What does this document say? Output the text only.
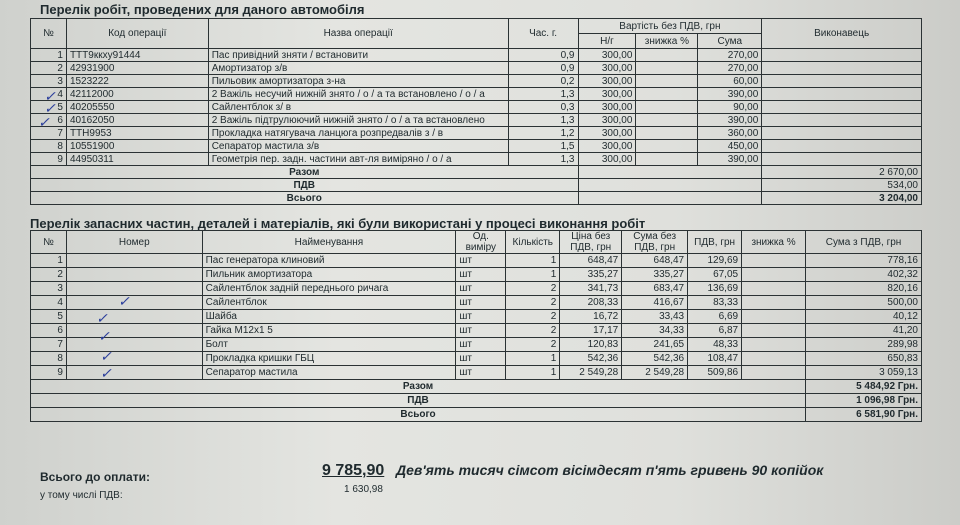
Перелік робіт, проведених для даного автомобіля
№	Код операції	Назва операції	Час. г.	Вартість без ПДВ, грн			Виконавець
				Н/г	знижка %	Сума	
1	ТТТ9ккху91444	Пас привідний зняти / встановити	0,9	300,00		270,00	
2	42931900	Амортизатор з/в	0,9	300,00		270,00	
3	1523222	Пильовик амортизатора з-на	0,2	300,00		60,00	
4	42112000	2 Важіль несучий нижній знято / о / а та встановлено / о / а	1,3	300,00		390,00	
5	40205550	Сайлентблок з/ в	0,3	300,00		90,00	
6	40162050	2 Важіль підтрулюючий нижній знято / о / а та встановлено	1,3	300,00		390,00	
7	ТТН9953	Прокладка натягувача ланцюга розпредвалів з / в	1,2	300,00		360,00	
8	10551900	Сепаратор мастила з/в	1,5	300,00		450,00	
9	44950311	Геометрія пер. задн. частини авт-ля виміряно / о / а	1,3	300,00		390,00	
Разом							2 670,00
ПДВ							534,00
Всього							3 204,00
Перелік запасних частин, деталей і матеріалів, які були використані у процесі виконання робіт
№	Номер	Найменування	Од. виміру	Кількість	Ціна без ПДВ, грн	Сума без ПДВ, грн	ПДВ, грн	знижка %	Сума з ПДВ, грн
1		Пас генератора клиновий	шт	1	648,47	648,47	129,69		778,16
2		Пильник амортизатора	шт	1	335,27	335,27	67,05		402,32
3		Сайлентблок задній переднього ричага	шт	2	341,73	683,47	136,69		820,16
4		Сайлентблок	шт	2	208,33	416,67	83,33		500,00
5		Шайба	шт	2	16,72	33,43	6,69		40,12
6		Гайка М12х1 5	шт	2	17,17	34,33	6,87		41,20
7		Болт	шт	2	120,83	241,65	48,33		289,98
8		Прокладка кришки ГБЦ	шт	1	542,36	542,36	108,47		650,83
9		Сепаратор мастила	шт	1	2 549,28	2 549,28	509,86		3 059,13
Разом									5 484,92 Грн.
ПДВ									1 096,98 Грн.
Всього									6 581,90 Грн.
Всього до оплати:	9 785,90 Дев'ять тисяч сімсот вісімдесят п'ять гривень 90 копійок
у тому числі ПДВ:
1 630,98
✓
✓
✓
✓
✓
✓
✓
✓
